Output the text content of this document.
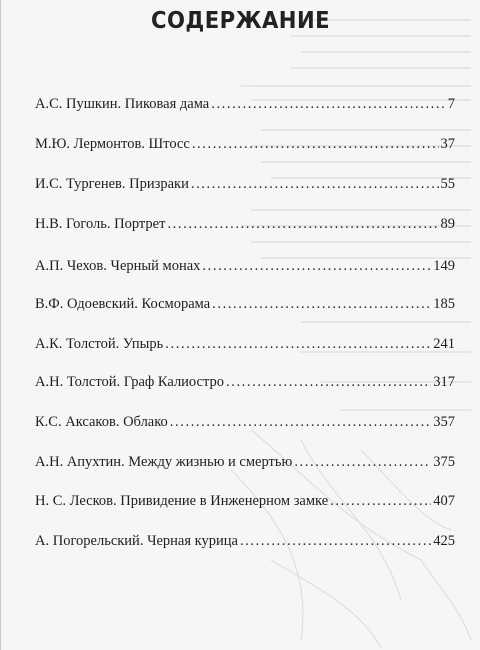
СОДЕРЖАНИЕ
А.С. Пушкин. Пиковая дама .....	7
М.Ю. Лермонтов. Штосс .....	37
И.С. Тургенев. Призраки .....	55
Н.В. Гоголь. Портрет .....	89
А.П. Чехов. Черный монах .....	149
В.Ф. Одоевский. Косморама .....	185
А.К. Толстой. Упырь .....	241
А.Н. Толстой. Граф Калиостро .....	317
К.С. Аксаков. Облако .....	357
А.Н. Апухтин. Между жизнью и смертью .....	375
Н. С. Лесков. Привидение в Инженерном замке .....	407
А. Погорельский. Черная курица .....	425
